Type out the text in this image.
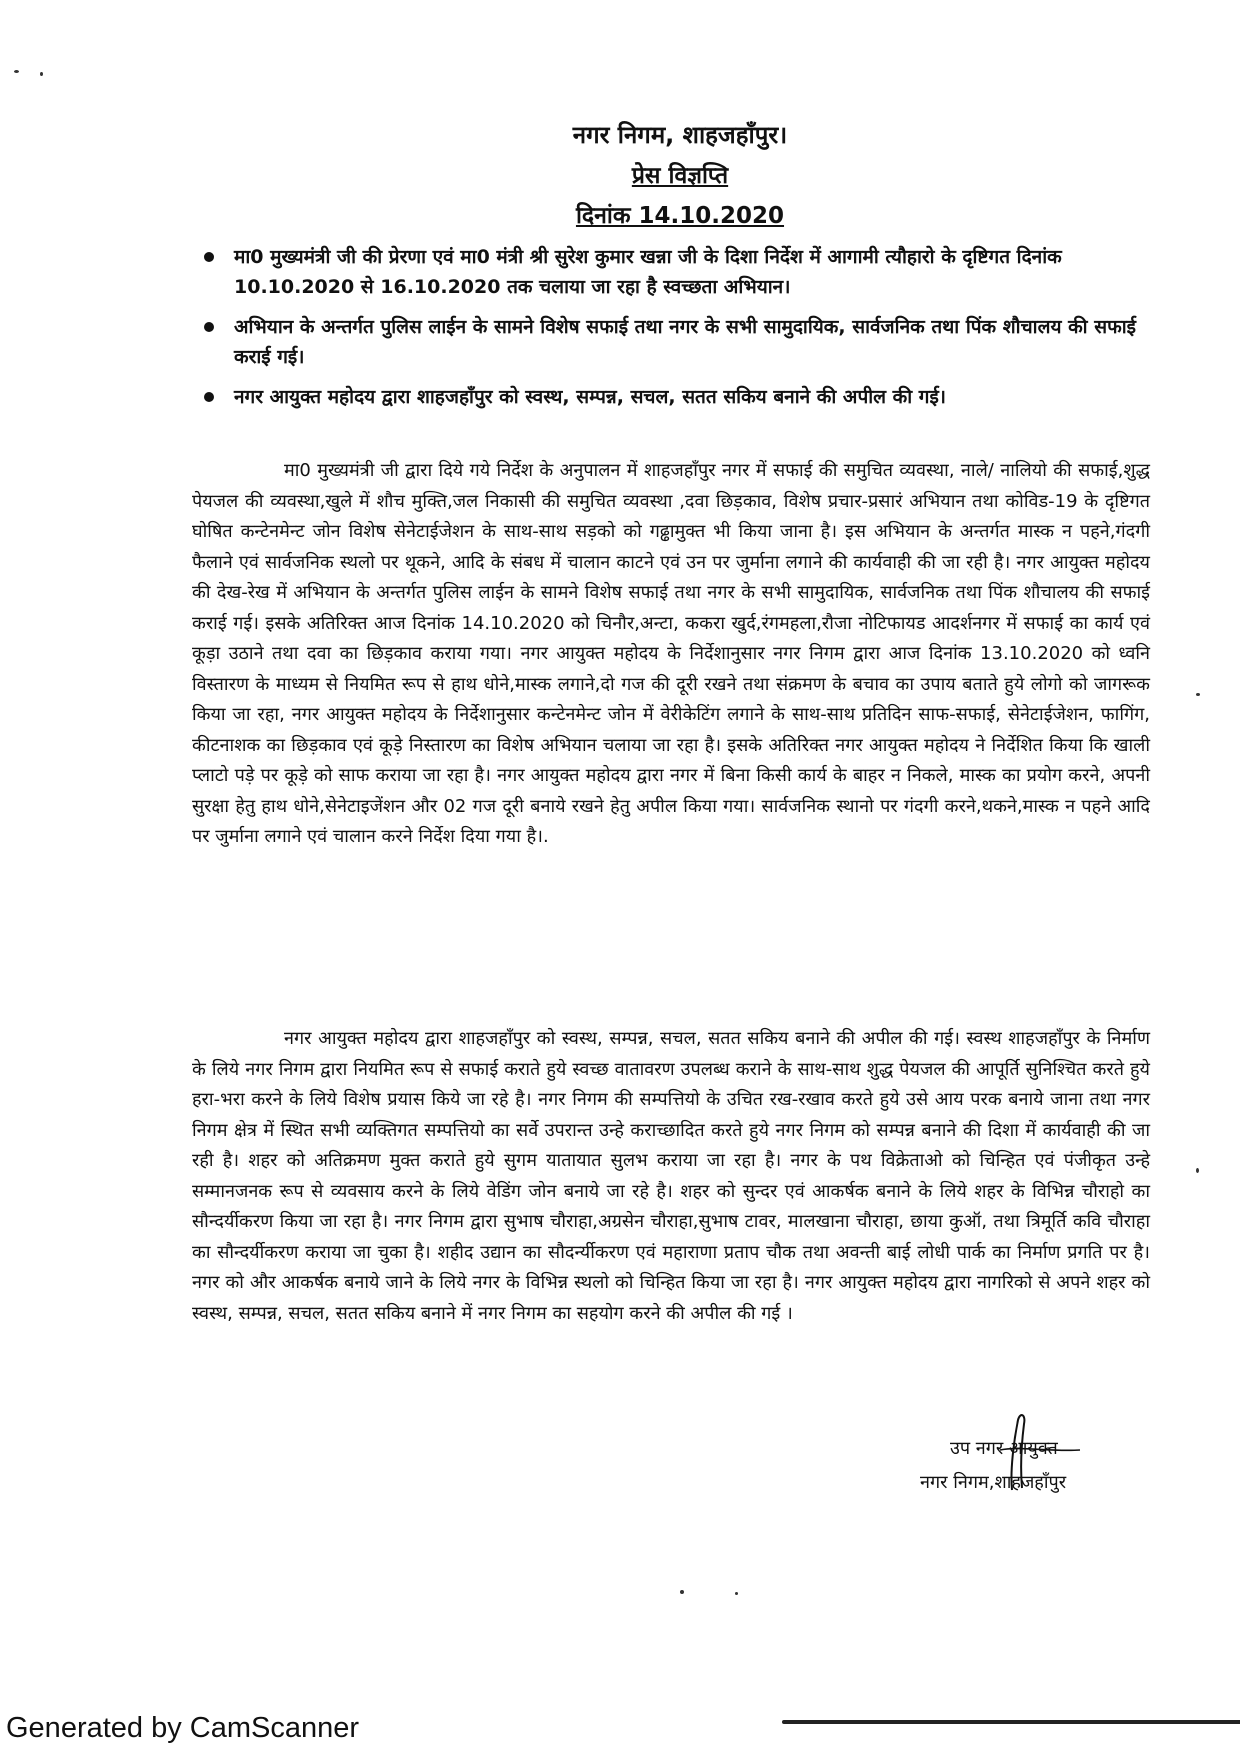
नगर निगम, शाहजहाँपुर।
प्रेस विज्ञप्ति
दिनांक 14.10.2020
मा0 मुख्यमंत्री जी की प्रेरणा एवं मा0 मंत्री श्री सुरेश कुमार खन्ना जी के दिशा निर्देश में आगामी त्यौहारो के दृष्टिगत दिनांक 10.10.2020 से 16.10.2020 तक चलाया जा रहा है स्वच्छता अभियान।
अभियान के अन्तर्गत पुलिस लाईन के सामने विशेष सफाई तथा नगर के सभी सामुदायिक, सार्वजनिक तथा पिंक शौचालय की सफाई कराई गई।
नगर आयुक्त महोदय द्वारा शाहजहाँपुर को स्वस्थ, सम्पन्न, सचल, सतत सकिय बनाने की अपील की गई।

मा0 मुख्यमंत्री जी द्वारा दिये गये निर्देश के अनुपालन में शाहजहाँपुर नगर में सफाई की समुचित व्यवस्था, नाले/ नालियो की सफाई,शुद्ध पेयजल की व्यवस्था,खुले में शौच मुक्ति,जल निकासी की समुचित व्यवस्था ,दवा छिड़काव, विशेष प्रचार-प्रसारं अभियान तथा कोविड-19 के दृष्टिगत घोषित कन्टेनमेन्ट जोन विशेष सेनेटाईजेशन के साथ-साथ सड़को को गढ्ढामुक्त भी किया जाना है। इस अभियान के अन्तर्गत मास्क न पहने,गंदगी फैलाने एवं सार्वजनिक स्थलो पर थूकने, आदि के संबध में चालान काटने एवं उन पर जुर्माना लगाने की कार्यवाही की जा रही है। नगर आयुक्त महोदय की देख-रेख में अभियान के अन्तर्गत पुलिस लाईन के सामने विशेष सफाई तथा नगर के सभी सामुदायिक, सार्वजनिक तथा पिंक शौचालय की सफाई कराई गई। इसके अतिरिक्त आज दिनांक 14.10.2020 को चिनौर,अन्टा, ककरा खुर्द,रंगमहला,रौजा नोटिफायड आदर्शनगर में सफाई का कार्य एवं कूड़ा उठाने तथा दवा का छिड़काव कराया गया। नगर आयुक्त महोदय के निर्देशानुसार नगर निगम द्वारा आज दिनांक 13.10.2020 को ध्वनि विस्तारण के माध्यम से नियमित रूप से हाथ धोने,मास्क लगाने,दो गज की दूरी रखने तथा संक्रमण के बचाव का उपाय बताते हुये लोगो को जागरूक किया जा रहा, नगर आयुक्त महोदय के निर्देशानुसार कन्टेनमेन्ट जोन में वेरीकेटिंग लगाने के साथ-साथ प्रतिदिन साफ-सफाई, सेनेटाईजेशन, फागिंग, कीटनाशक का छिड़काव एवं कूड़े निस्तारण का विशेष अभियान चलाया जा रहा है। इसके अतिरिक्त नगर आयुक्त महोदय ने निर्देशित किया कि खाली प्लाटो पड़े पर कूड़े को साफ कराया जा रहा है। नगर आयुक्त महोदय द्वारा नगर में बिना किसी कार्य के बाहर न निकले, मास्क का प्रयोग करने, अपनी सुरक्षा हेतु हाथ धोने,सेनेटाइजेंशन और 02 गज दूरी बनाये रखने हेतु अपील किया गया। सार्वजनिक स्थानो पर गंदगी करने,थकने,मास्क न पहने आदि पर जुर्माना लगाने एवं चालान करने निर्देश दिया गया है।.

नगर आयुक्त महोदय द्वारा शाहजहाँपुर को स्वस्थ, सम्पन्न, सचल, सतत सकिय बनाने की अपील की गई। स्वस्थ शाहजहाँपुर के निर्माण के लिये नगर निगम द्वारा नियमित रूप से सफाई कराते हुये स्वच्छ वातावरण उपलब्ध कराने के साथ-साथ शुद्ध पेयजल की आपूर्ति सुनिश्चित करते हुये हरा-भरा करने के लिये विशेष प्रयास किये जा रहे है। नगर निगम की सम्पत्तियो के उचित रख-रखाव करते हुये उसे आय परक बनाये जाना तथा नगर निगम क्षेत्र में स्थित सभी व्यक्तिगत सम्पत्तियो का सर्वे उपरान्त उन्हे कराच्छादित करते हुये नगर निगम को सम्पन्न बनाने की दिशा में कार्यवाही की जा रही है। शहर को अतिक्रमण मुक्त कराते हुये सुगम यातायात सुलभ कराया जा रहा है। नगर के पथ विक्रेताओ को चिन्हित एवं पंजीकृत उन्हे सम्मानजनक रूप से व्यवसाय करने के लिये वेडिंग जोन बनाये जा रहे है। शहर को सुन्दर एवं आकर्षक बनाने के लिये शहर के विभिन्न चौराहो का सौन्दर्यीकरण किया जा रहा है। नगर निगम द्वारा सुभाष चौराहा,अग्रसेन चौराहा,सुभाष टावर, मालखाना चौराहा, छाया कुऑ, तथा त्रिमूर्ति कवि चौराहा का सौन्दर्यीकरण कराया जा चुका है। शहीद उद्यान का सौदर्न्यीकरण एवं महाराणा प्रताप चौक तथा अवन्ती बाई लोधी पार्क का निर्माण प्रगति पर है। नगर को और आकर्षक बनाये जाने के लिये नगर के विभिन्न स्थलो को चिन्हित किया जा रहा है। नगर आयुक्त महोदय द्वारा नागरिको से अपने शहर को स्वस्थ, सम्पन्न, सचल, सतत सकिय बनाने में नगर निगम का सहयोग करने की अपील की गई ।

उप नगर आयुक्त
नगर निगम,शाहजहाँपुर
Generated by CamScanner
